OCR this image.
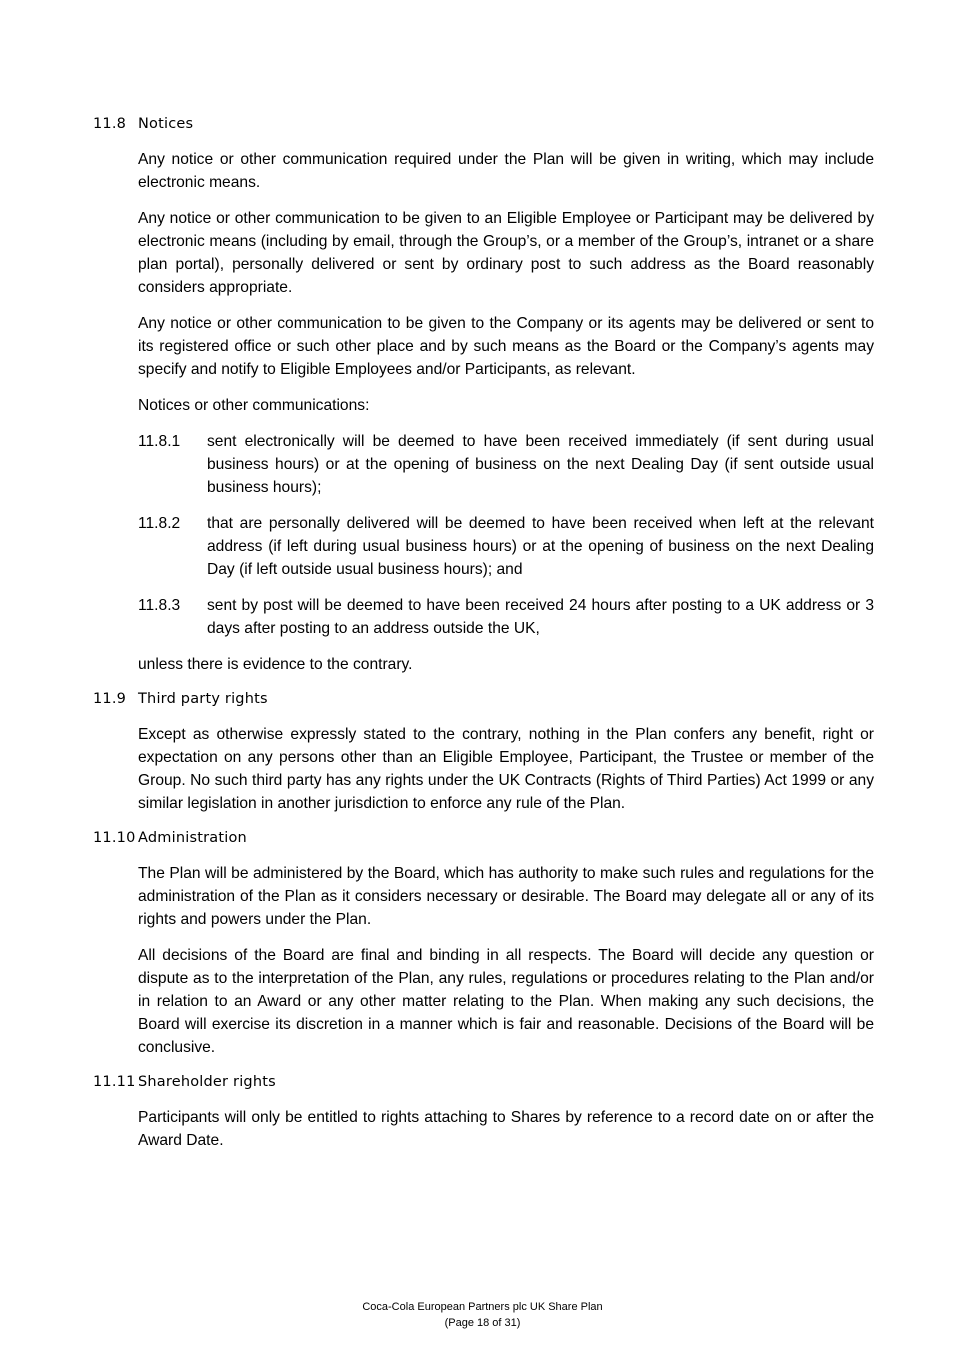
11.8 Notices

Any notice or other communication required under the Plan will be given in writing, which may include electronic means.

Any notice or other communication to be given to an Eligible Employee or Participant may be delivered by electronic means (including by email, through the Group’s, or a member of the Group’s, intranet or a share plan portal), personally delivered or sent by ordinary post to such address as the Board reasonably considers appropriate.

Any notice or other communication to be given to the Company or its agents may be delivered or sent to its registered office or such other place and by such means as the Board or the Company’s agents may specify and notify to Eligible Employees and/or Participants, as relevant.

Notices or other communications:

11.8.1	sent electronically will be deemed to have been received immediately (if sent during usual business hours) or at the opening of business on the next Dealing Day (if sent outside usual business hours);
11.8.2	that are personally delivered will be deemed to have been received when left at the relevant address (if left during usual business hours) or at the opening of business on the next Dealing Day (if left outside usual business hours); and
11.8.3	sent by post will be deemed to have been received 24 hours after posting to a UK address or 3 days after posting to an address outside the UK,

unless there is evidence to the contrary.

11.9 Third party rights

Except as otherwise expressly stated to the contrary, nothing in the Plan confers any benefit, right or expectation on any persons other than an Eligible Employee, Participant, the Trustee or member of the Group. No such third party has any rights under the UK Contracts (Rights of Third Parties) Act 1999 or any similar legislation in another jurisdiction to enforce any rule of the Plan.

11.10 Administration

The Plan will be administered by the Board, which has authority to make such rules and regulations for the administration of the Plan as it considers necessary or desirable. The Board may delegate all or any of its rights and powers under the Plan.

All decisions of the Board are final and binding in all respects. The Board will decide any question or dispute as to the interpretation of the Plan, any rules, regulations or procedures relating to the Plan and/or in relation to an Award or any other matter relating to the Plan. When making any such decisions, the Board will exercise its discretion in a manner which is fair and reasonable. Decisions of the Board will be conclusive.

11.11 Shareholder rights

Participants will only be entitled to rights attaching to Shares by reference to a record date on or after the Award Date.

Coca-Cola European Partners plc UK Share Plan
(Page 18 of 31)
